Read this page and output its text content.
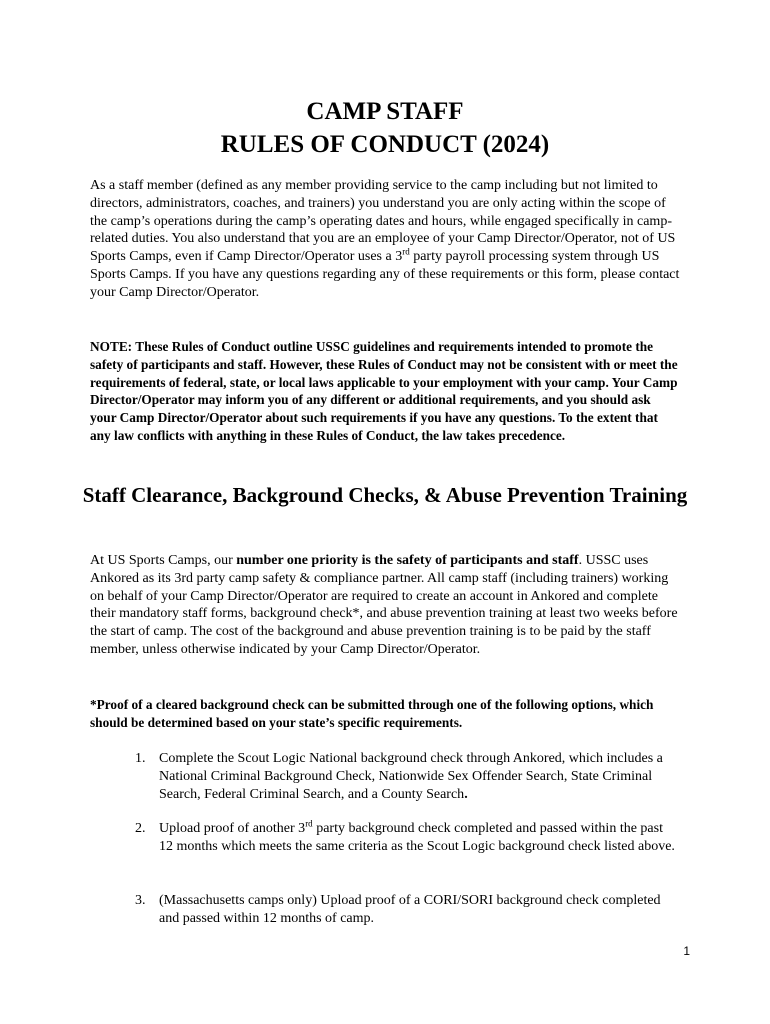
CAMP STAFF
RULES OF CONDUCT (2024)

As a staff member (defined as any member providing service to the camp including but not limited to directors, administrators, coaches, and trainers) you understand you are only acting within the scope of the camp’s operations during the camp’s operating dates and hours, while engaged specifically in camp-related duties. You also understand that you are an employee of your Camp Director/Operator, not of US Sports Camps, even if Camp Director/Operator uses a 3rd party payroll processing system through US Sports Camps. If you have any questions regarding any of these requirements or this form, please contact your Camp Director/Operator.

NOTE: These Rules of Conduct outline USSC guidelines and requirements intended to promote the safety of participants and staff. However, these Rules of Conduct may not be consistent with or meet the requirements of federal, state, or local laws applicable to your employment with your camp. Your Camp Director/Operator may inform you of any different or additional requirements, and you should ask your Camp Director/Operator about such requirements if you have any questions. To the extent that any law conflicts with anything in these Rules of Conduct, the law takes precedence.

Staff Clearance, Background Checks, & Abuse Prevention Training

At US Sports Camps, our number one priority is the safety of participants and staff. USSC uses Ankored as its 3rd party camp safety & compliance partner. All camp staff (including trainers) working on behalf of your Camp Director/Operator are required to create an account in Ankored and complete their mandatory staff forms, background check*, and abuse prevention training at least two weeks before the start of camp. The cost of the background and abuse prevention training is to be paid by the staff member, unless otherwise indicated by your Camp Director/Operator.

*Proof of a cleared background check can be submitted through one of the following options, which should be determined based on your state’s specific requirements.

1. Complete the Scout Logic National background check through Ankored, which includes a National Criminal Background Check, Nationwide Sex Offender Search, State Criminal Search, Federal Criminal Search, and a County Search.
2. Upload proof of another 3rd party background check completed and passed within the past 12 months which meets the same criteria as the Scout Logic background check listed above.
3. (Massachusetts camps only) Upload proof of a CORI/SORI background check completed and passed within 12 months of camp.
1
